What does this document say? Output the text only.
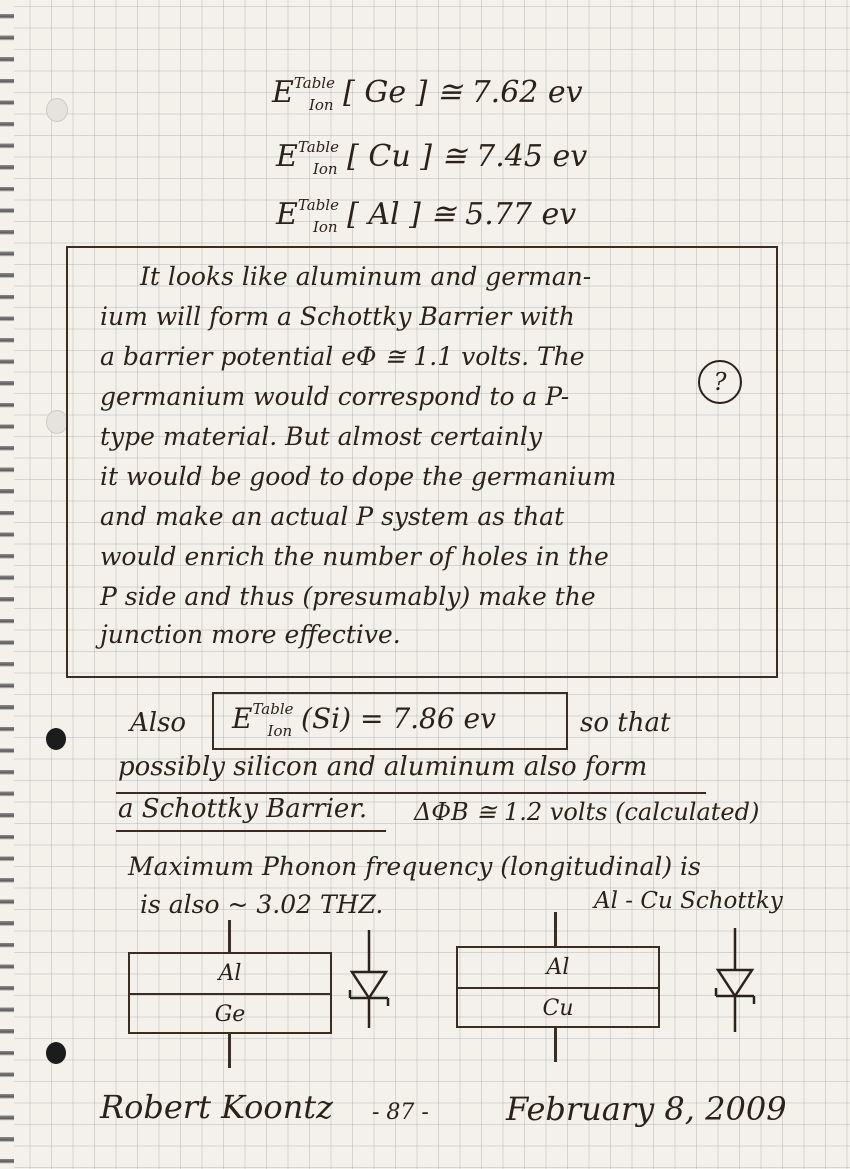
$E^{Table}_{Ion}$ [ Ge ] ≅ 7.62 ev
$E^{Table}_{Ion}$ [ Cu ] ≅ 7.45 ev
$E^{Table}_{Ion}$ [ Al ] ≅ 5.77 ev
It looks like aluminum and german-
ium will form a Schottky Barrier with
a barrier potential eΦ ≅ 1.1 volts. The
germanium would correspond to a P-
type material. But almost certainly
it would be good to dope the germanium
and make an actual P system as that
would enrich the number of holes in the
P side and thus (presumably) make the
junction more effective.
?
Also $E^{Table}_{Ion}$ (Si) = 7.86 ev	so that
possibly silicon and aluminum also form
a Schottky Barrier. ΔΦB ≅ 1.2 volts (calculated)
Maximum Phonon frequency (longitudinal) is
is also ~ 3.02 THZ.	Al - Cu Schottky
Al
Ge
Al
Cu
Robert Koontz - 87 - February 8, 2009
